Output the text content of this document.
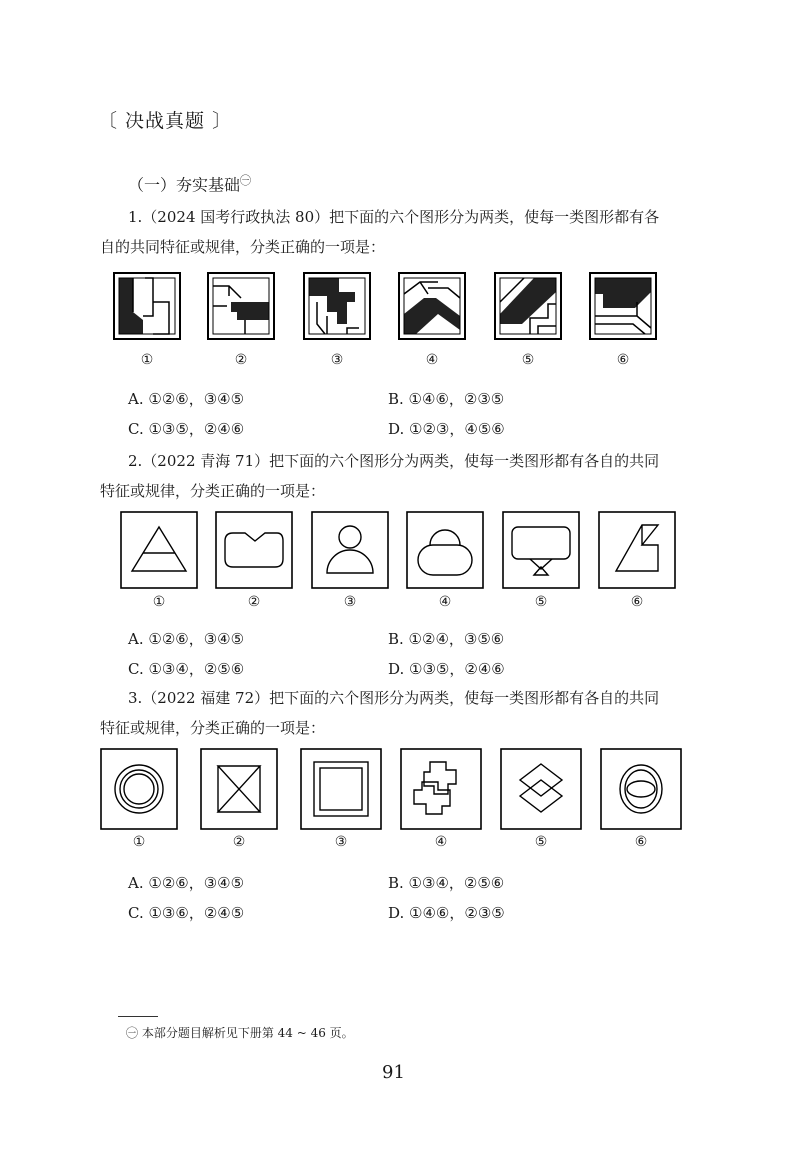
〔 决战真题 〕
（一）夯实基础$^㊀$
1.（2024 国考行政执法 80）把下面的六个图形分为两类，使每一类图形都有各
自的共同特征或规律，分类正确的一项是：
①	②	③	④	⑤	⑥
A. ①②⑥，③④⑤	B. ①④⑥，②③⑤
C. ①③⑤，②④⑥	D. ①②③，④⑤⑥
2.（2022 青海 71）把下面的六个图形分为两类，使每一类图形都有各自的共同
特征或规律，分类正确的一项是：
①	②	③	④	⑤	⑥
A. ①②⑥，③④⑤	B. ①②④，③⑤⑥
C. ①③④，②⑤⑥	D. ①③⑤，②④⑥
3.（2022 福建 72）把下面的六个图形分为两类，使每一类图形都有各自的共同
特征或规律，分类正确的一项是：
①	②	③	④	⑤	⑥
A. ①②⑥，③④⑤	B. ①③④，②⑤⑥
C. ①③⑥，②④⑤	D. ①④⑥，②③⑤
㊀ 本部分题目解析见下册第 44 ~ 46 页。
91
